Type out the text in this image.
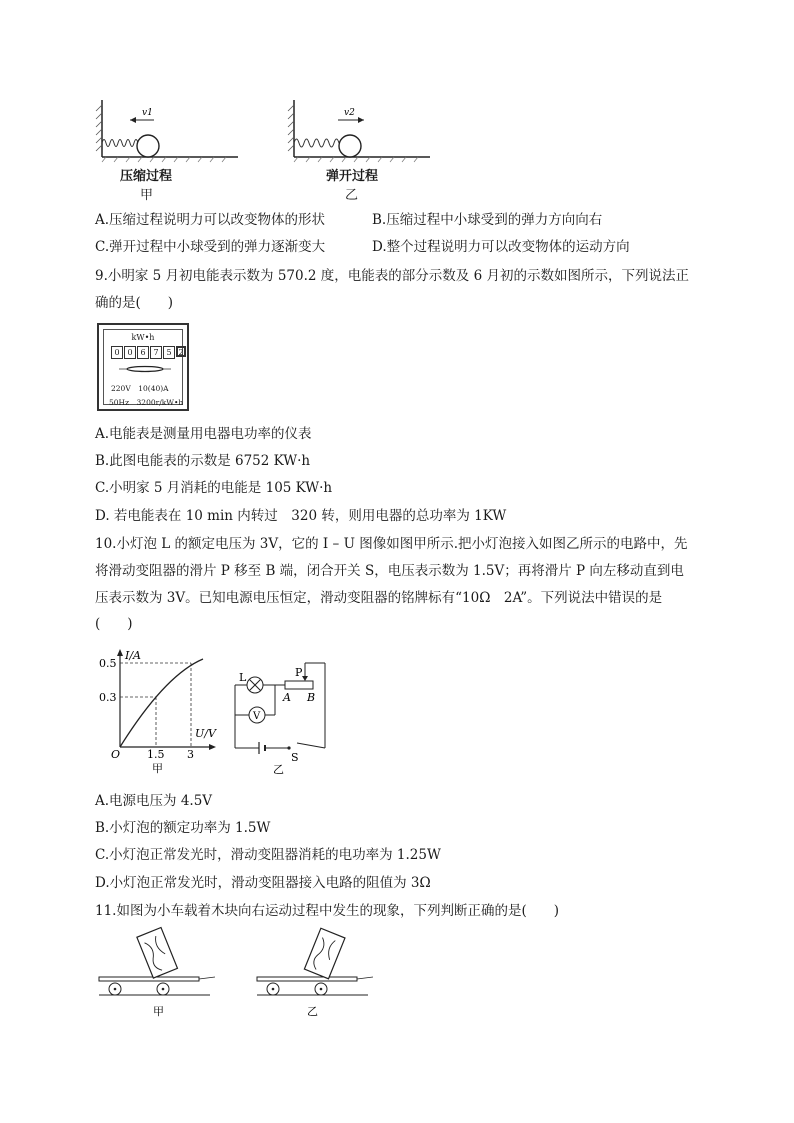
v1	v2
压缩过程
甲
弹开过程
乙
A.压缩过程说明力可以改变物体的形状	B.压缩过程中小球受到的弹力方向向右
C.弹开过程中小球受到的弹力逐渐变大	D.整个过程说明力可以改变物体的运动方向
9.小明家 5 月初电能表示数为 570.2 度，电能表的部分示数及 6 月初的示数如图所示，下列说法正
确的是(　　)
kW•h
0 0 6 7 5 2
220V　10(40)A
50Hz　3200r/kW•h
A.电能表是测量用电器电功率的仪表
B.此图电能表的示数是 6752 KW·h
C.小明家 5 月消耗的电能是 105 KW·h
D. 若电能表在 10 min 内转过　320 转，则用电器的总功率为 1KW
10.小灯泡 L 的额定电压为 3V，它的 I – U 图像如图甲所示.把小灯泡接入如图乙所示的电路中，先
将滑动变阻器的滑片 P 移至 B 端，闭合开关 S，电压表示数为 1.5V；再将滑片 P 向左移动直到电
压表示数为 3V。已知电源电压恒定，滑动变阻器的铭牌标有“10Ω　2A”。下列说法中错误的是
(　　)
I/A
U/V
O
0.5
0.3
1.5 3
甲
L
V
P
A B
S
乙
A.电源电压为 4.5V
B.小灯泡的额定功率为 1.5W
C.小灯泡正常发光时，滑动变阻器消耗的电功率为 1.25W
D.小灯泡正常发光时，滑动变阻器接入电路的阻值为 3Ω
11.如图为小车载着木块向右运动过程中发生的现象，下列判断正确的是(　　)
甲	乙
